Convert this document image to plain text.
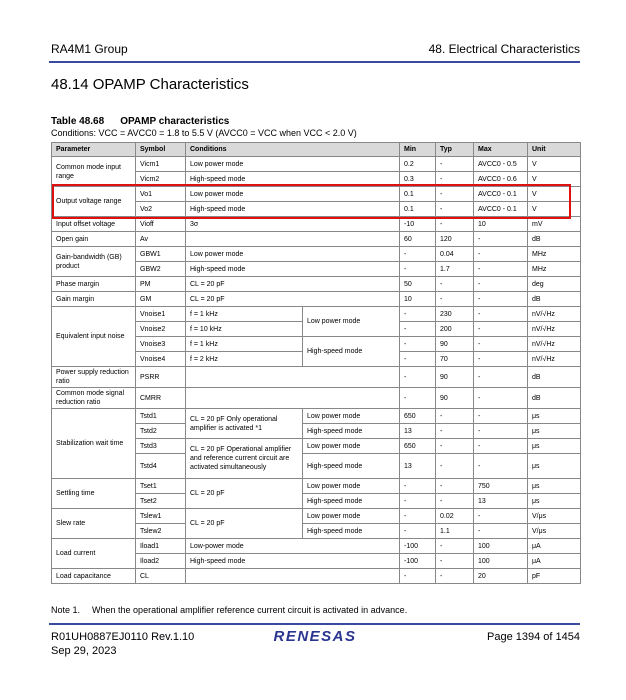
RA4M1 Group	48. Electrical Characteristics
48.14 OPAMP Characteristics
Table 48.68 OPAMP characteristics
Conditions: VCC = AVCC0 = 1.8 to 5.5 V (AVCC0 = VCC when VCC < 2.0 V)
Parameter	Symbol	Conditions		Min	Typ	Max	Unit
Common mode input range	Vicm1	Low power mode		0.2	-	AVCC0 - 0.5	V
	Vicm2	High-speed mode		0.3	-	AVCC0 - 0.6	V
Output voltage range	Vo1	Low power mode		0.1	-	AVCC0 - 0.1	V
	Vo2	High-speed mode		0.1	-	AVCC0 - 0.1	V
Input offset voltage	Vioff	3σ		-10	-	10	mV
Open gain	Av			60	120	-	dB
Gain-bandwidth (GB) product	GBW1	Low power mode		-	0.04	-	MHz
	GBW2	High-speed mode		-	1.7	-	MHz
Phase margin	PM	CL = 20 pF		50	-	-	deg
Gain margin	GM	CL = 20 pF		10	-	-	dB
Equivalent input noise	Vnoise1	f = 1 kHz	Low power mode	-	230	-	nV/√Hz
	Vnoise2	f = 10 kHz		-	200	-	nV/√Hz
	Vnoise3	f = 1 kHz	High-speed mode	-	90	-	nV/√Hz
	Vnoise4	f = 2 kHz		-	70	-	nV/√Hz
Power supply reduction ratio	PSRR			-	90	-	dB
Common mode signal reduction ratio	CMRR			-	90	-	dB
Stabilization wait time	Tstd1	CL = 20 pF Only operational amplifier is activated *1	Low power mode	650	-	-	μs
	Tstd2		High-speed mode	13	-	-	μs
	Tstd3	CL = 20 pF Operational amplifier and reference current circuit are activated simultaneously	Low power mode	650	-	-	μs
	Tstd4		High-speed mode	13	-	-	μs
Settling time	Tset1	CL = 20 pF	Low power mode	-	-	750	μs
	Tset2		High-speed mode	-	-	13	μs
Slew rate	Tslew1	CL = 20 pF	Low power mode	-	0.02	-	V/μs
	Tslew2		High-speed mode	-	1.1	-	V/μs
Load current	Iload1	Low-power mode		-100	-	100	μA
	Iload2	High-speed mode		-100	-	100	μA
Load capacitance	CL			-	-	20	pF
Note 1. When the operational amplifier reference current circuit is activated in advance.
R01UH0887EJ0110 Rev.1.10
Sep 29, 2023
Page 1394 of 1454
RENESAS
